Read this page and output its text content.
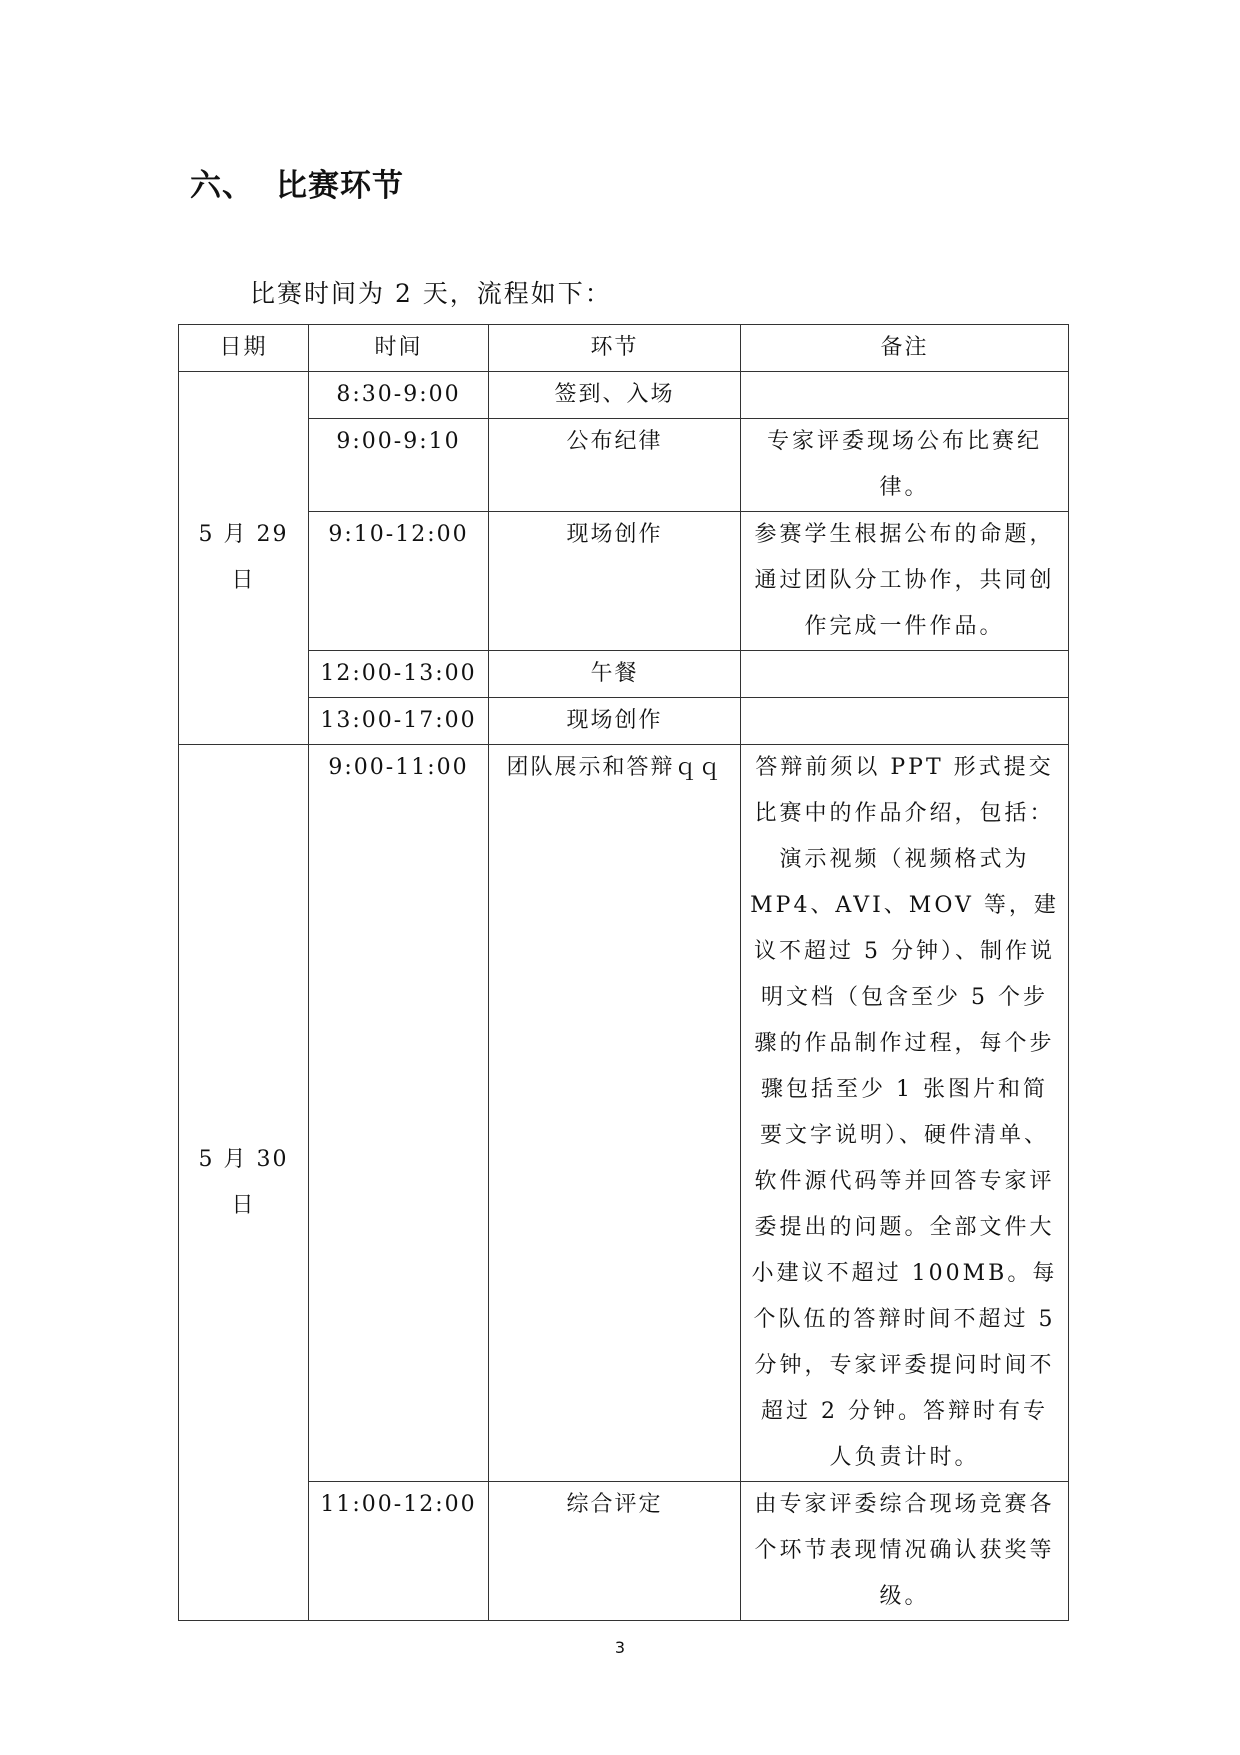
六、 比赛环节
比赛时间为 2 天，流程如下：
日期	时间	环节	备注
5 月 29 日	8:30-9:00	签到、入场	
	9:00-9:10	公布纪律	专家评委现场公布比赛纪律。
	9:10-12:00	现场创作	参赛学生根据公布的命题，通过团队分工协作，共同创作完成一件作品。
	12:00-13:00	午餐	
	13:00-17:00	现场创作	
5 月 30 日	9:00-11:00	团队展示和答辩ｑｑ	答辩前须以 PPT 形式提交比赛中的作品介绍，包括：演示视频（视频格式为 MP4、AVI、MOV 等，建议不超过 5 分钟）、制作说明文档（包含至少 5 个步骤的作品制作过程，每个步骤包括至少 1 张图片和简要文字说明）、硬件清单、软件源代码等并回答专家评委提出的问题。全部文件大小建议不超过 100MB。每个队伍的答辩时间不超过 5 分钟，专家评委提问时间不超过 2 分钟。答辩时有专人负责计时。
	11:00-12:00	综合评定	由专家评委综合现场竞赛各个环节表现情况确认获奖等级。
3
